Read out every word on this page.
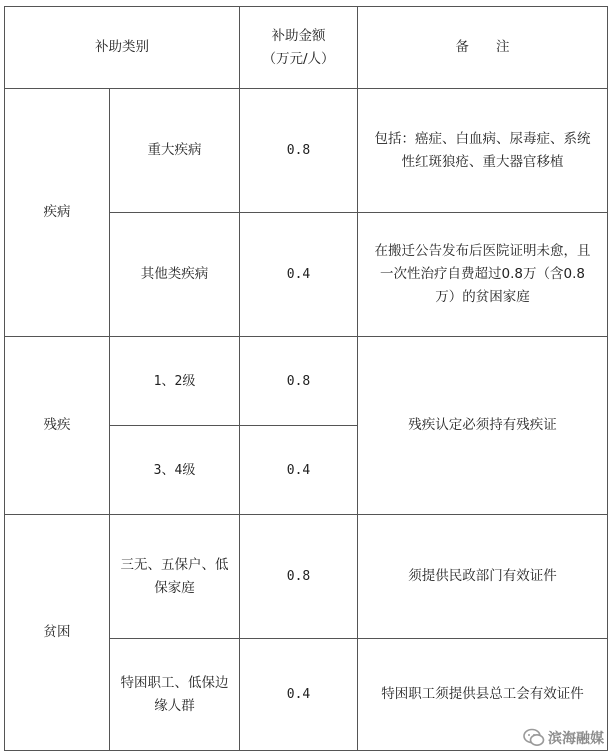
补助类别		补助金额（万元/人）	备　　注
疾病	重大疾病	0.8	包括：癌症、白血病、尿毒症、系统性红斑狼疮、重大器官移植
	其他类疾病	0.4	在搬迁公告发布后医院证明未愈，且一次性治疗自费超过0.8万（含0.8万）的贫困家庭
残疾	1、2级	0.8	残疾认定必须持有残疾证
	3、4级	0.4	
贫困	三无、五保户、低保家庭	0.8	须提供民政部门有效证件
	特困职工、低保边缘人群	0.4	特困职工须提供县总工会有效证件
滨海融媒
